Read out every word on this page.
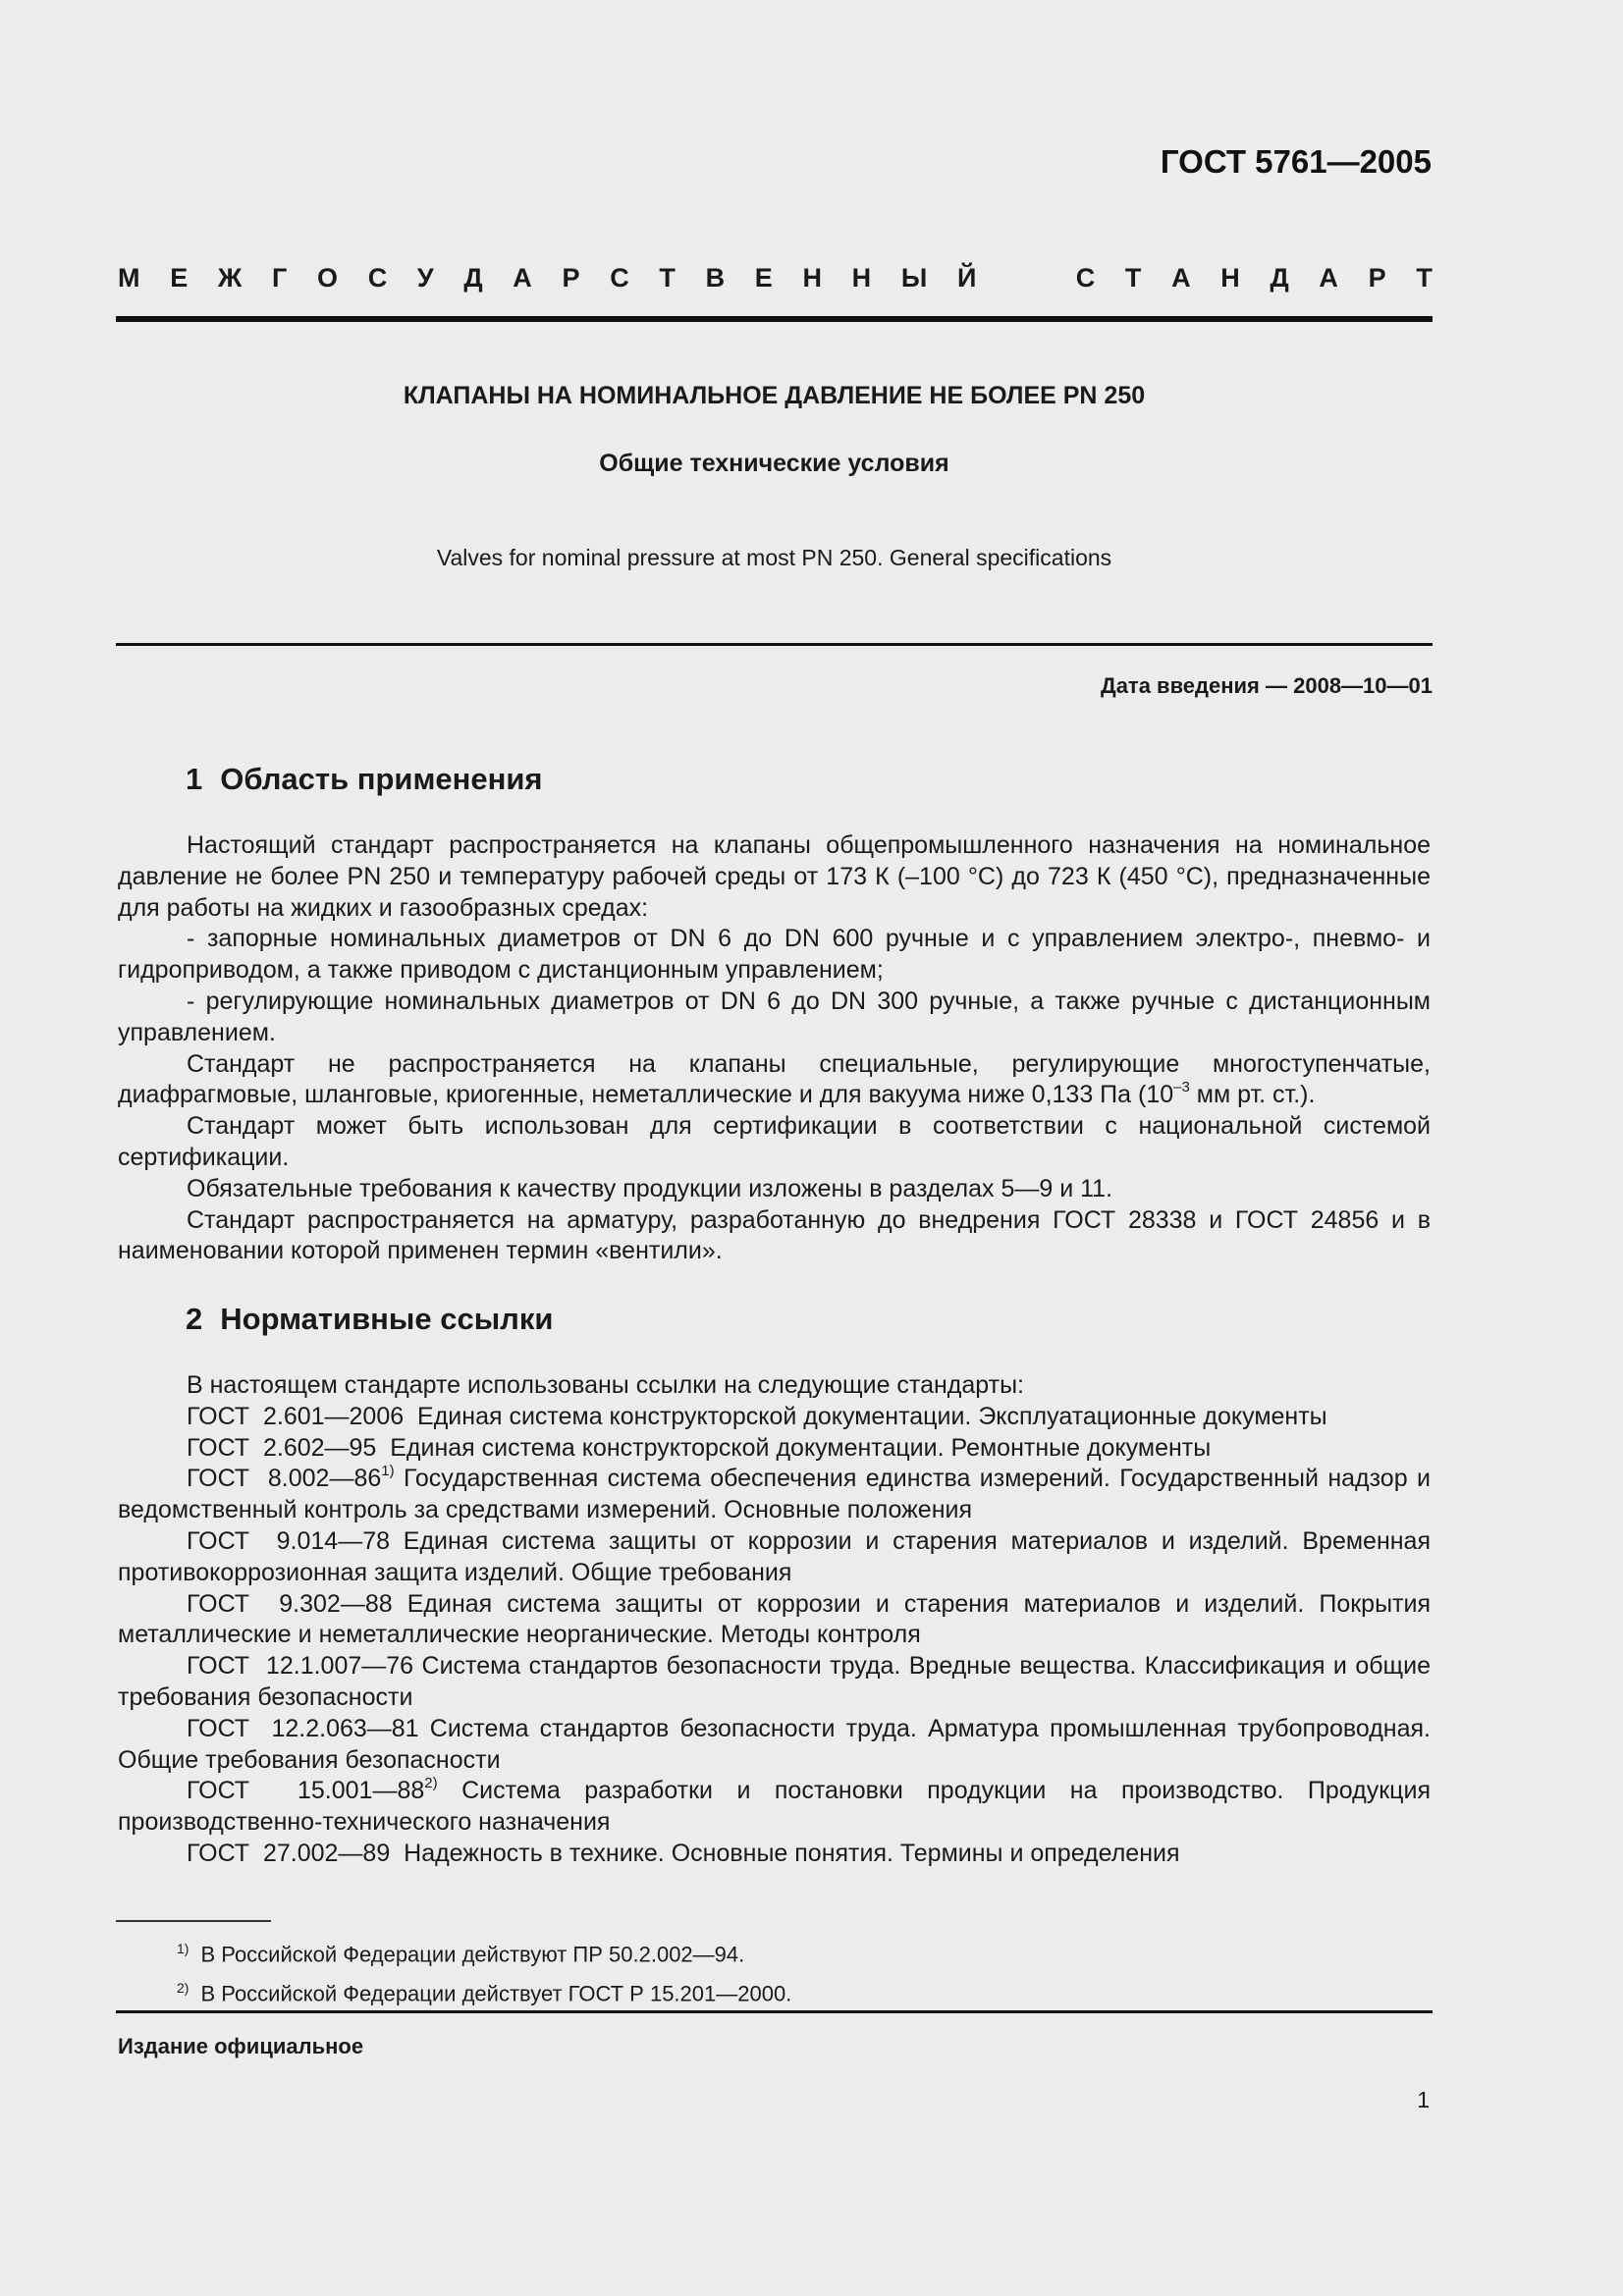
ГОСТ 5761—2005
М Е Ж Г О С У Д А Р С Т В Е Н Н Ы Й	С Т А Н Д А Р Т
КЛАПАНЫ НА НОМИНАЛЬНОЕ ДАВЛЕНИЕ НЕ БОЛЕЕ PN 250
Общие технические условия
Valves for nominal pressure at most PN 250. General specifications
Дата введения — 2008—10—01
1 Область применения

Настоящий стандарт распространяется на клапаны общепромышленного назначения на номинальное давление не более PN 250 и температуру рабочей среды от 173 К (–100 °С) до 723 К (450 °С), предназначенные для работы на жидких и газообразных средах:

- запорные номинальных диаметров от DN 6 до DN 600 ручные и с управлением электро-, пневмо- и гидроприводом, а также приводом с дистанционным управлением;

- регулирующие номинальных диаметров от DN 6 до DN 300 ручные, а также ручные с дистанционным управлением.

Стандарт не распространяется на клапаны специальные, регулирующие многоступенчатые, диафрагмовые, шланговые, криогенные, неметаллические и для вакуума ниже 0,133 Па ($10^{-3}$ мм рт. ст.).

Стандарт может быть использован для сертификации в соответствии с национальной системой сертификации.

Обязательные требования к качеству продукции изложены в разделах 5—9 и 11.

Стандарт распространяется на арматуру, разработанную до внедрения ГОСТ 28338 и ГОСТ 24856 и в наименовании которой применен термин «вентили».

2 Нормативные ссылки

В настоящем стандарте использованы ссылки на следующие стандарты:

ГОСТ  2.601—2006  Единая система конструкторской документации. Эксплуатационные документы

ГОСТ  2.602—95  Единая система конструкторской документации. Ремонтные документы

ГОСТ  8.002—86$^{1)}$ Государственная система обеспечения единства измерений. Государственный надзор и ведомственный контроль за средствами измерений. Основные положения

ГОСТ  9.014—78 Единая система защиты от коррозии и старения материалов и изделий. Временная противокоррозионная защита изделий. Общие требования

ГОСТ  9.302—88 Единая система защиты от коррозии и старения материалов и изделий. Покрытия металлические и неметаллические неорганические. Методы контроля

ГОСТ  12.1.007—76 Система стандартов безопасности труда. Вредные вещества. Классификация и общие требования безопасности

ГОСТ  12.2.063—81 Система стандартов безопасности труда. Арматура промышленная трубопроводная. Общие требования безопасности

ГОСТ  15.001—88$^{2)}$ Система разработки и постановки продукции на производство. Продукция производственно-технического назначения

ГОСТ  27.002—89  Надежность в технике. Основные понятия. Термины и определения

$^{1)}$ В Российской Федерации действуют ПР 50.2.002—94.
$^{2)}$ В Российской Федерации действует ГОСТ Р 15.201—2000.
Издание официальное
1
